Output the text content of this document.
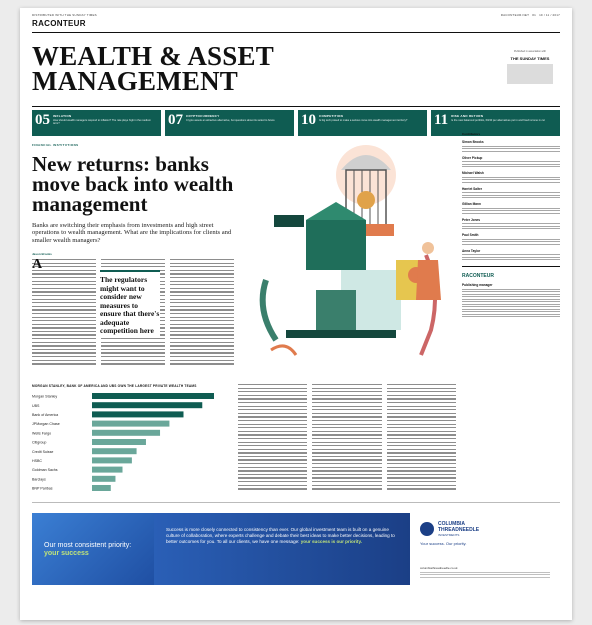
DISTRIBUTED WITH THE SUNDAY TIMES	RACONTEUR.NET #1 19 / 11 / 2017
RACONTEUR
WEALTH & ASSET
MANAGEMENT
Published in association with
THE SUNDAY TIMES
05 INFLATION
How should wealth managers respond to inflation? The rate plays high in the medium term?	07 CRYPTOCURRENCY
Crypto assets an attractive alternative, but questions about its suited to future 10 COMPETITION
Is big tech poised to make a serious move into wealth management territory? 11 RISE AND RETURN
Is the new balanced portfolio, 60/40 per alternatives put in and fixed income in cut
FINANCIAL INSTITUTIONS
New returns: banks move back into wealth management
Banks are switching their emphasis from investments and high street operations to wealth management. What are the implications for clients and smaller wealth managers?
Jason Brooks
A
The regulators might want to consider new measures to ensure that there's adequate competition here
Contributors
Simon Brooks
Oliver Pickup
Michael Walsh
Harriet Salter
Gillian Mann
Peter Jones
Paul Smith
Anna Taylor
RACONTEUR
Publishing manager
MORGAN STANLEY, BANK OF AMERICA AND UBS OWN THE LARGEST PRIVATE WEALTH TEAMS
Morgan Stanley
UBS
Bank of America
JPMorgan Chase
Wells Fargo
Citigroup
Credit Suisse
HSBC
Goldman Sachs
Barclays
BNP Paribas
Our most consistent priority:
your success
Success is more closely connected to consistency than ever. Our global investment team is built on a genuine culture of collaboration, where experts challenge and debate their best ideas to make better decisions, leading to better outcomes for you. To all our clients, we have one message: your success is our priority.
COLUMBIA
THREADNEEDLE
INVESTMENTS
Your success. Our priority.
columbiathreadneedle.co.uk
